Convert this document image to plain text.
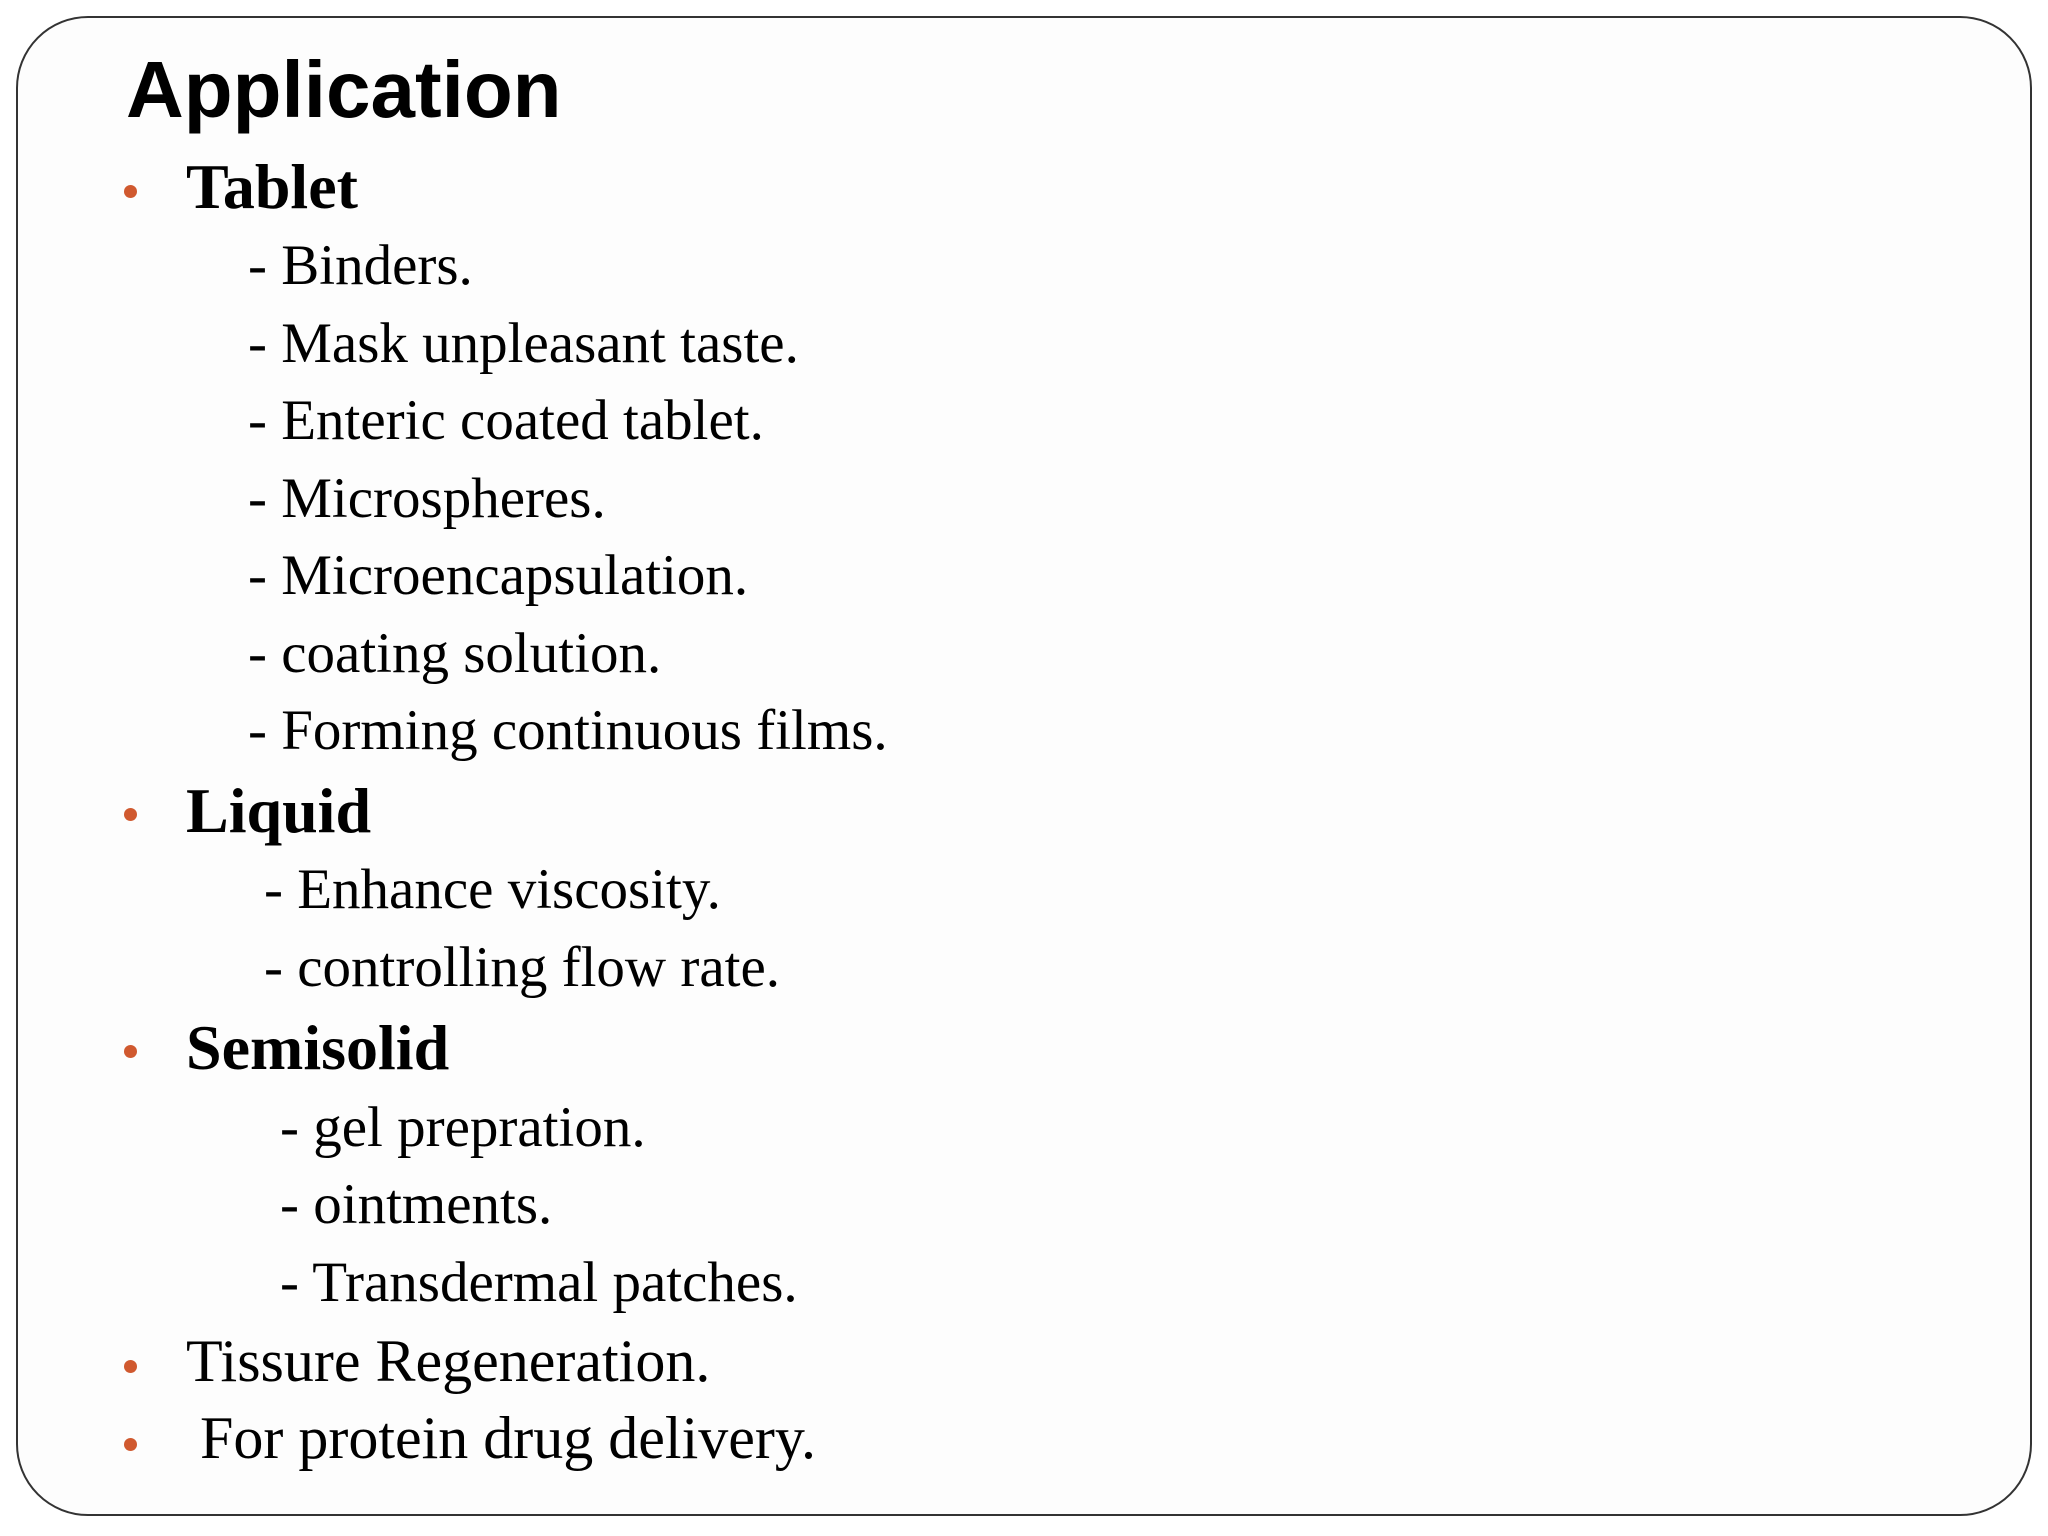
Application
Tablet
- Binders.
- Mask unpleasant taste.
- Enteric coated tablet.
- Microspheres.
- Microencapsulation.
- coating solution.
- Forming continuous films.
Liquid
- Enhance viscosity.
- controlling flow rate.
Semisolid
- gel prepration.
- ointments.
- Transdermal patches.
Tissure Regeneration.
For protein drug delivery.
